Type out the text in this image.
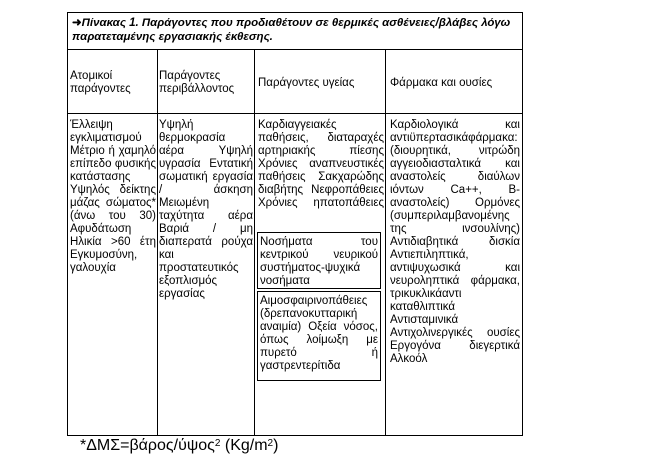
➜Πίνακας 1. Παράγοντες που προδιαθέτουν σε θερμικές ασθένειες/βλάβες λόγω παρατεταμένης εργασιακής έκθεσης.
Ατομικοί παράγοντες
Παράγοντες περιβάλλοντος
Παράγοντες υγείας	Φάρμακα και ουσίες
Έλλειψη εγκλιματισμού Μέτριο ή χαμηλό επίπεδο φυσικής κατάστασης Υψηλός δείκτης μάζας σώματος* (άνω του 30) Αφυδάτωση Ηλικία >60 έτη Εγκυμοσύνη, γαλουχία
Υψηλή θερμοκρασία αέρα Υψηλή υγρασία Εντατική σωματική εργασία / άσκηση Μειωμένη ταχύτητα αέρα Βαριά / μη διαπερατά ρούχα και προστατευτικός εξοπλισμός εργασίας
Καρδιαγγειακές παθήσεις, διαταραχές αρτηριακής πίεσης Χρόνιες αναπνευστικές παθήσεις Σακχαρώδης διαβήτης Νεφροπάθειες Χρόνιες ηπατοπάθειες
Νοσήματα του κεντρικού νευρικού συστήματος-ψυχικά νοσήματα
Αιμοσφαιρινοπάθειες (δρεπανοκυτταρική αναιμία) Οξεία νόσος, όπως λοίμωξη με πυρετό ή γαστρεντερίτιδα
Καρδιολογικά και αντιϋπερτασικάφάρμακα: (διουρητικά, νιτρώδη αγγειοδιασταλτικά και αναστολείς διαύλων ιόντων Ca++, Β-αναστολείς) Ορμόνες (συμπεριλαμβανομένης της ινσουλίνης) Αντιδιαβητικά δισκία Αντιεπιληπτικά, αντιψυχωσικά και νευροληπτικά φάρμακα, τρικυκλικάαντι καταθλιπτικά Αντισταμινικά Αντιχολινεργικές ουσίες Εργογόνα διεγερτικά Αλκοόλ
*ΔΜΣ=βάρος/ύψος$^2$ $(Kg/m^2)$
